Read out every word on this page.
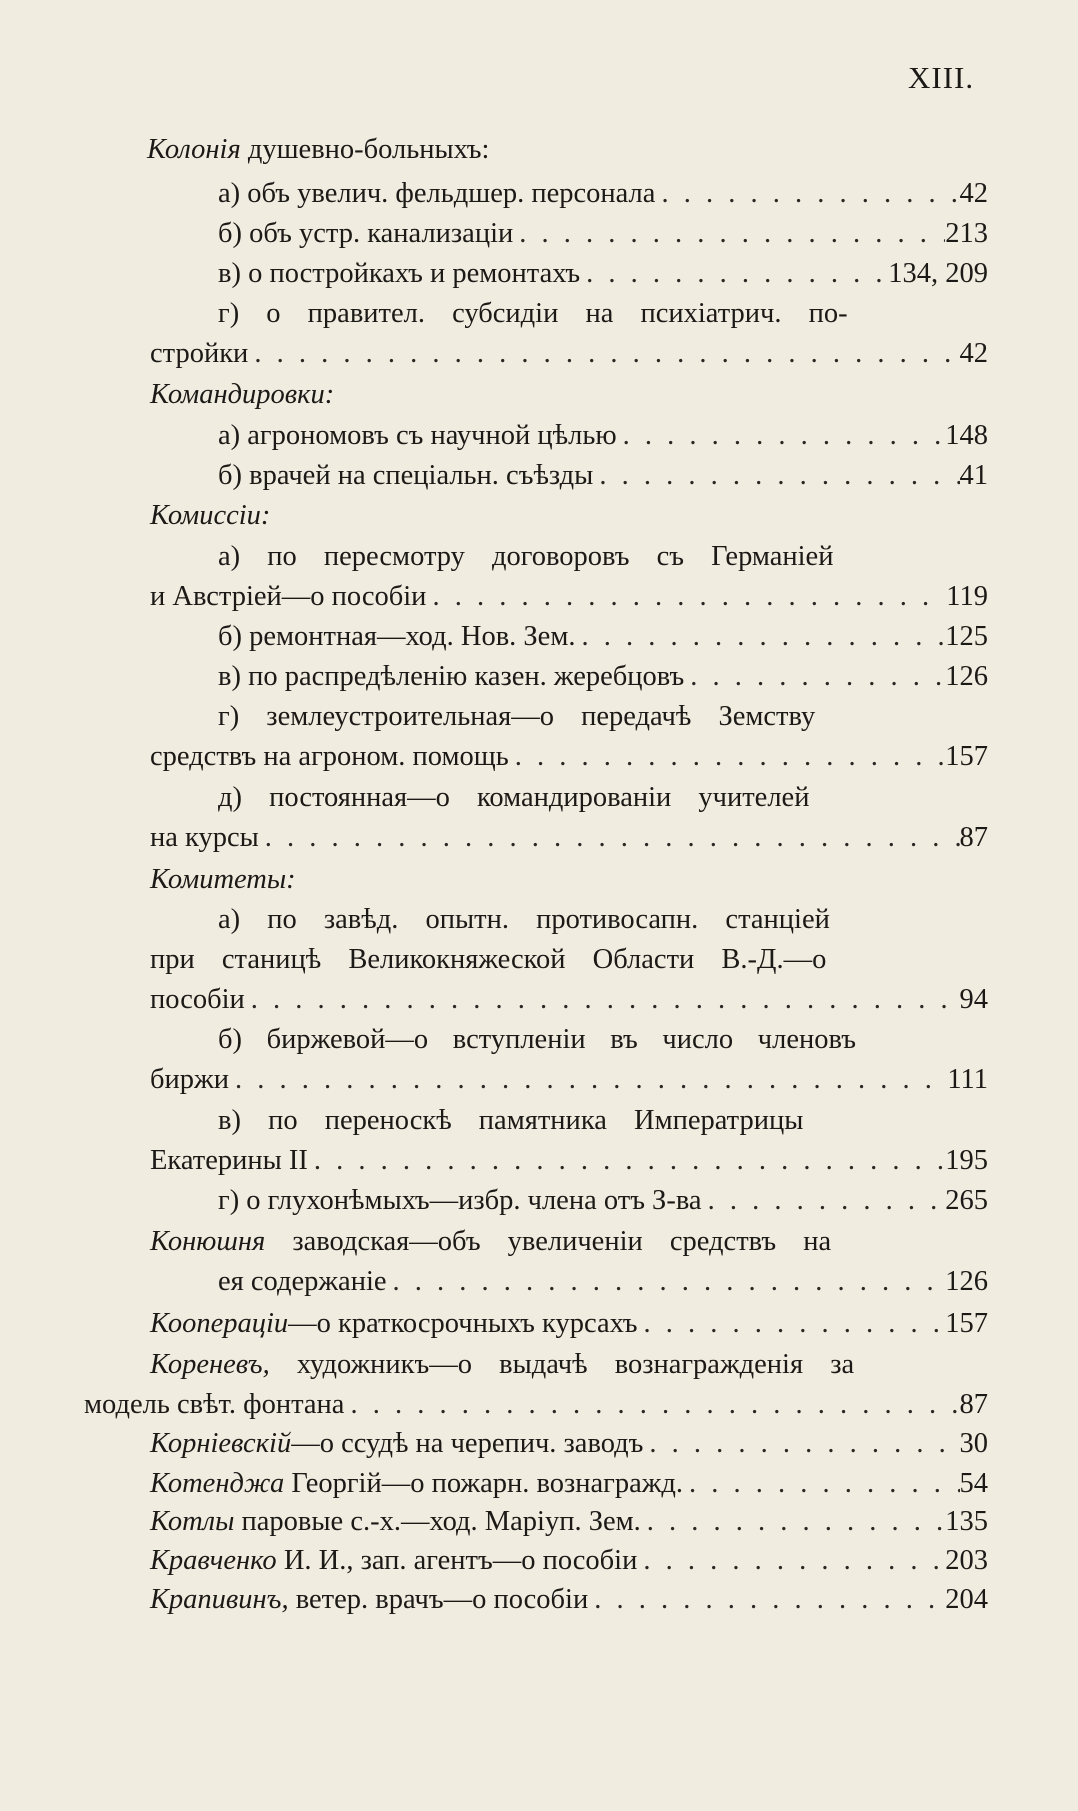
XIII.
Колонія душевно-больныхъ:
а) объ увелич. фельдшер. персонала . . .	42
б) объ устр. канализаціи . . .	213
в) о постройкахъ и ремонтахъ . . .	134, 209
г) о правител. субсидіи на психіатрич. по-
стройки . . .	42
Командировки:
а) агрономовъ съ научной цѣлью . . .	148
б) врачей на спеціальн. съѣзды . . .	41
Комиссіи:
а) по пересмотру договоровъ съ Германіей
и Австріей—о пособіи . . .	119
б) ремонтная—ход. Нов. Зем. . . .	125
в) по распредѣленію казен. жеребцовъ . . .	126
г) землеустроительная—о передачѣ Земству
средствъ на агроном. помощь . . .	157
д) постоянная—о командированіи учителей
на курсы . . .	87
Комитеты:
а) по завѣд. опытн. противосапн. станціей
при станицѣ Великокняжеской Области В.-Д.—о
пособіи . . .	94
б) биржевой—о вступленіи въ число членовъ
биржи . . .	111
в) по переноскѣ памятника Императрицы
Екатерины II . . .	195
г) о глухонѣмыхъ—избр. члена отъ З-ва . . .	265
Конюшня заводская—объ увеличеніи средствъ на
ея содержаніе . . .	126
Коопераціи—о краткосрочныхъ курсахъ . . .	157
Кореневъ, художникъ—о выдачѣ вознагражденія за
модель свѣт. фонтана . . .	87
Корніевскій—о ссудѣ на черепич. заводъ . . .	30
Котенджа Георгій—о пожарн. вознагражд. . . .	54
Котлы паровые с.-х.—ход. Маріуп. Зем. . . .	135
Кравченко И. И., зап. агентъ—о пособіи . . .	203
Крапивинъ, ветер. врачъ—о пособіи . . .	204
